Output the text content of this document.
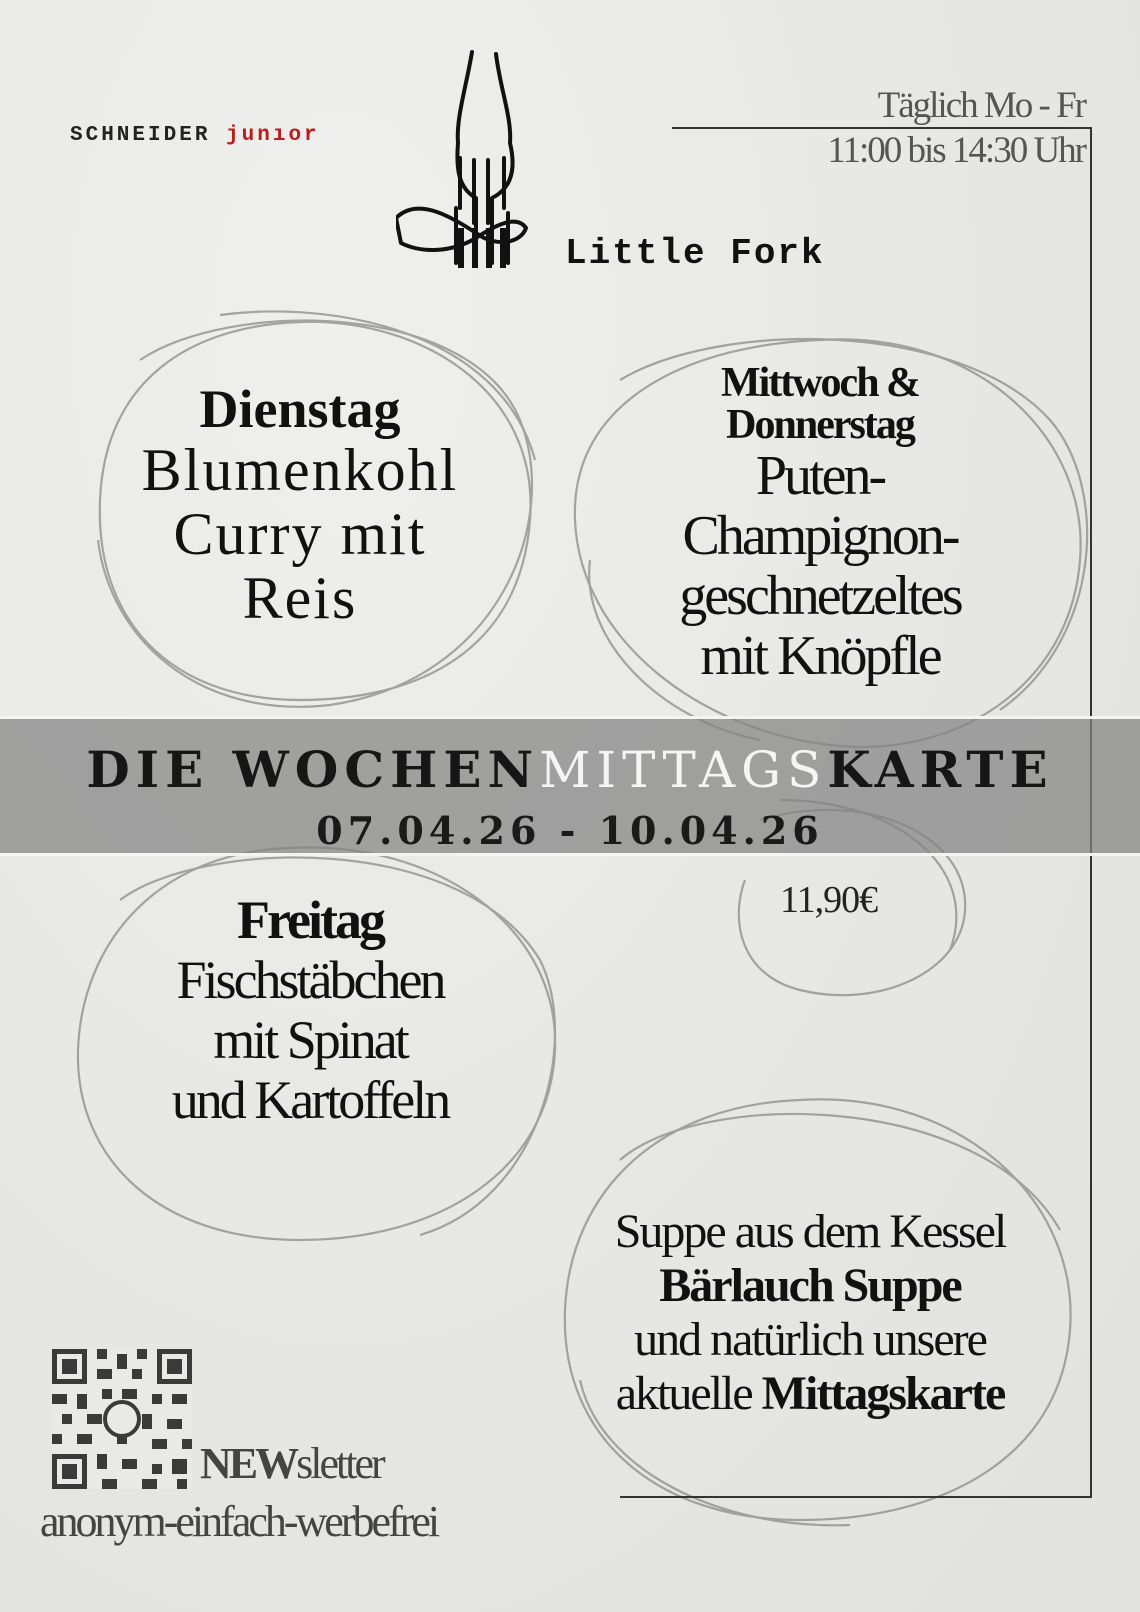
SCHNEIDER junıor
Little Fork
Täglich Mo - Fr
11:00 bis 14:30 Uhr
Dienstag
Blumenkohl
Curry mit
Reis
Mittwoch &
Donnerstag
Puten-
Champignon-
geschnetzeltes
mit Knöpfle
DIE WOCHENMITTAGSKARTE
07.04.26 - 10.04.26
11,90€
Freitag
Fischstäbchen
mit Spinat
und Kartoffeln
Suppe aus dem Kessel
Bärlauch Suppe
und natürlich unsere
aktuelle Mittagskarte
NEWsletter
anonym-einfach-werbefrei
